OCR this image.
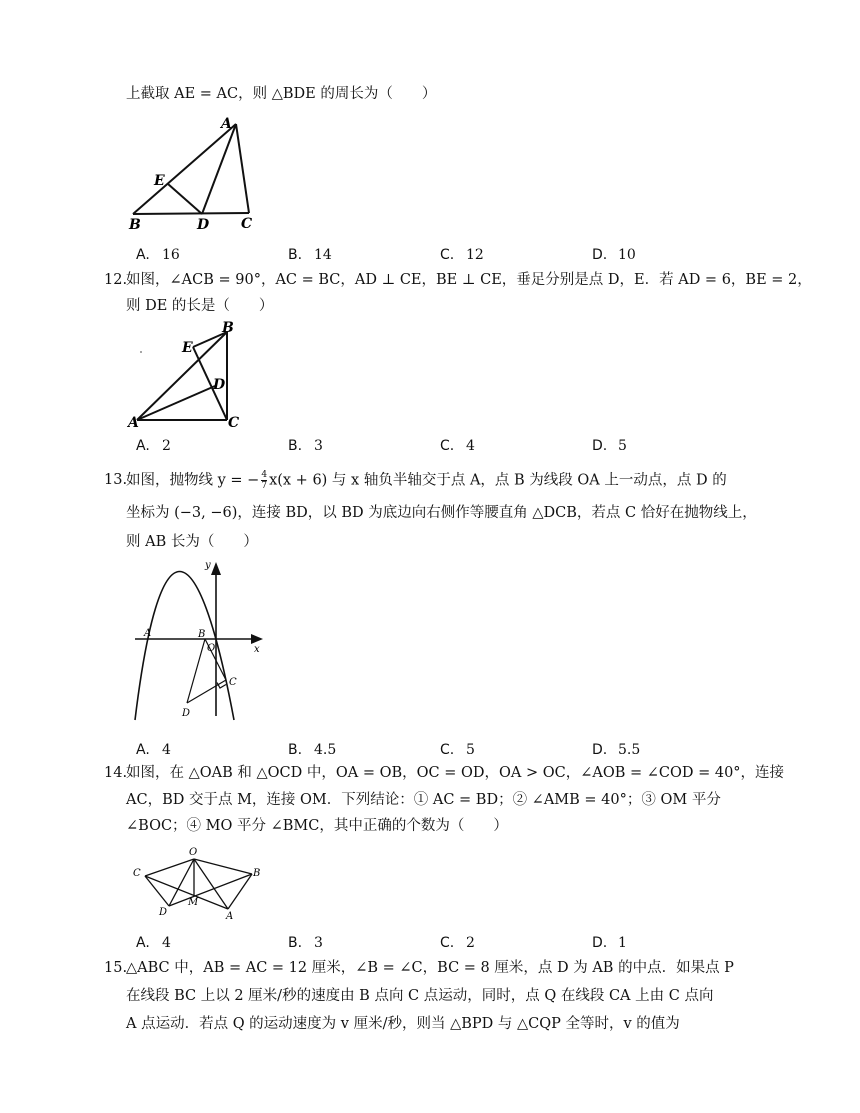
上截取 AE = AC，则 △BDE 的周长为（　　）
A
E
B	D C
A. 16	B. 14	C. 12	D. 10
12.
如图，∠ACB = 90°，AC = BC，AD ⊥ CE，BE ⊥ CE，垂足分别是点 D，E．若 AD = 6，BE = 2，
则 DE 的长是（　　）
B
E
D
A	C
A. 2	B. 3	C. 4	D. 5
13.
如图，抛物线 y = − $\frac{4}{7} x(x + 6)$ 与 x 轴负半轴交于点 A，点 B 为线段 OA 上一动点，点 D 的
坐标为 (−3, −6)，连接 BD，以 BD 为底边向右侧作等腰直角 △DCB，若点 C 恰好在抛物线上，
则 AB 长为（　　）
y
A	B
O	x
C
D
A. 4	B. 4.5	C. 5	D. 5.5
14.
如图，在 △OAB 和 △OCD 中，OA = OB，OC = OD，OA > OC，∠AOB = ∠COD = 40°，连接
AC，BD 交于点 M，连接 OM．下列结论：① AC = BD；② ∠AMB = 40°；③ OM 平分
∠BOC；④ MO 平分 ∠BMC，其中正确的个数为（　　）
O
C	B
M
D	A
A. 4	B. 3	C. 2	D. 1
15.
△ABC 中，AB = AC = 12 厘米，∠B = ∠C，BC = 8 厘米，点 D 为 AB 的中点．如果点 P
在线段 BC 上以 2 厘米/秒的速度由 B 点向 C 点运动，同时，点 Q 在线段 CA 上由 C 点向
A 点运动．若点 Q 的运动速度为 v 厘米/秒，则当 △BPD 与 △CQP 全等时，v 的值为
